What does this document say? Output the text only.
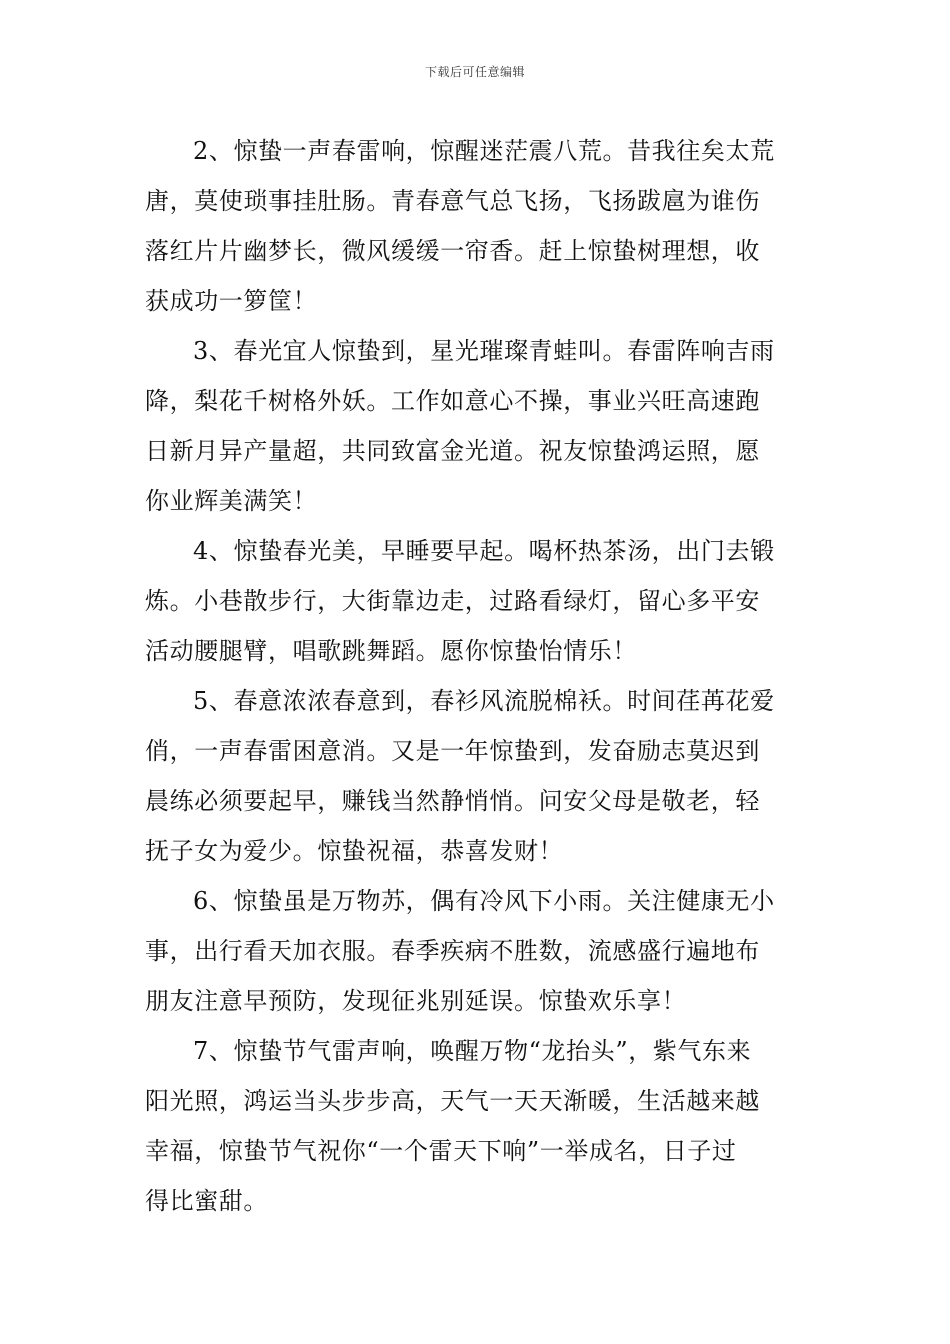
下载后可任意编辑
2、惊蛰一声春雷响，惊醒迷茫震八荒。昔我往矣太荒
唐，莫使琐事挂肚肠。青春意气总飞扬，飞扬跋扈为谁伤
落红片片幽梦长，微风缓缓一帘香。赶上惊蛰树理想，收
获成功一箩筐！
3、春光宜人惊蛰到，星光璀璨青蛙叫。春雷阵响吉雨
降，梨花千树格外妖。工作如意心不操，事业兴旺高速跑
日新月异产量超，共同致富金光道。祝友惊蛰鸿运照，愿
你业辉美满笑！
4、惊蛰春光美，早睡要早起。喝杯热茶汤，出门去锻
炼。小巷散步行，大街靠边走，过路看绿灯，留心多平安
活动腰腿臂，唱歌跳舞蹈。愿你惊蛰怡情乐！
5、春意浓浓春意到，春衫风流脱棉袄。时间荏苒花爱
俏，一声春雷困意消。又是一年惊蛰到，发奋励志莫迟到
晨练必须要起早，赚钱当然静悄悄。问安父母是敬老，轻
抚子女为爱少。惊蛰祝福，恭喜发财！
6、惊蛰虽是万物苏，偶有冷风下小雨。关注健康无小
事，出行看天加衣服。春季疾病不胜数，流感盛行遍地布
朋友注意早预防，发现征兆别延误。惊蛰欢乐享！
7、惊蛰节气雷声响，唤醒万物“龙抬头”，紫气东来
阳光照，鸿运当头步步高，天气一天天渐暖，生活越来越
幸福，惊蛰节气祝你“一个雷天下响”一举成名，日子过
得比蜜甜。
